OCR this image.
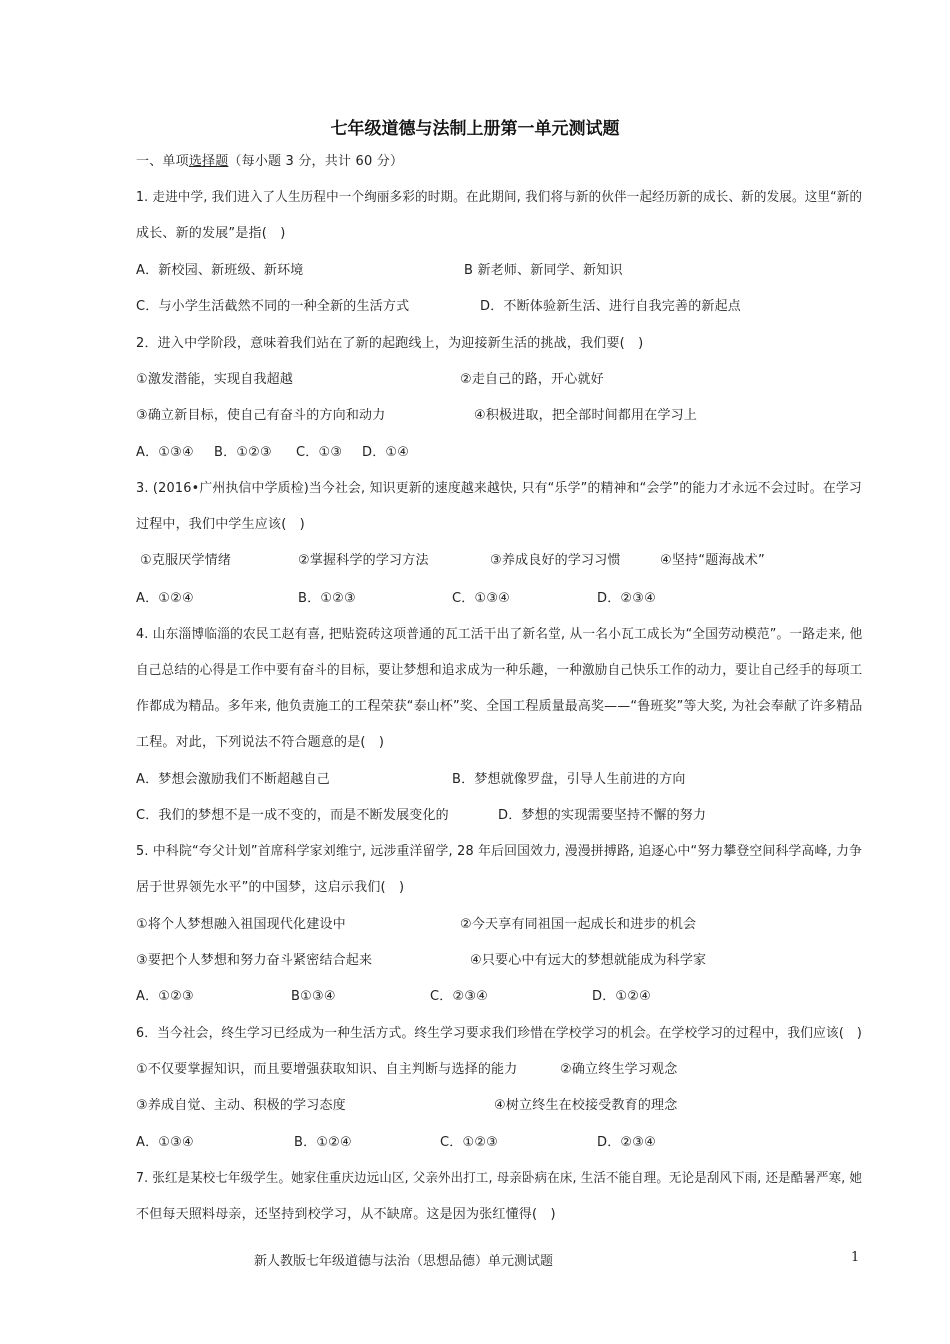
七年级道德与法制上册第一单元测试题
一、单项选择题（每小题 3 分，共计 60 分）
1. 走进中学, 我们进入了人生历程中一个绚丽多彩的时期。在此期间, 我们将与新的伙伴一起经历新的成长、新的发展。这里“新的
成长、新的发展”是指(　)
A．新校园、新班级、新环境	B 新老师、新同学、新知识
C．与小学生活截然不同的一种全新的生活方式	D．不断体验新生活、进行自我完善的新起点
2．进入中学阶段，意味着我们站在了新的起跑线上，为迎接新生活的挑战，我们要(　)
①激发潜能，实现自我超越	②走自己的路，开心就好
③确立新目标，使自己有奋斗的方向和动力	④积极进取，把全部时间都用在学习上
A．①③④ B．①②③ C．①③ D．①④
3. (2016•广州执信中学质检)当今社会, 知识更新的速度越来越快, 只有“乐学”的精神和“会学”的能力才永远不会过时。在学习
过程中，我们中学生应该(　)
①克服厌学情绪	②掌握科学的学习方法	③养成良好的学习习惯	④坚持“题海战术”
A．①②④	B．①②③	C．①③④	D．②③④
4. 山东淄博临淄的农民工赵有喜, 把贴瓷砖这项普通的瓦工活干出了新名堂, 从一名小瓦工成长为“全国劳动模范”。一路走来, 他
自己总结的心得是工作中要有奋斗的目标，要让梦想和追求成为一种乐趣，一种激励自己快乐工作的动力，要让自己经手的每项工
作都成为精品。多年来, 他负责施工的工程荣获“泰山杯”奖、全国工程质量最高奖——“鲁班奖”等大奖, 为社会奉献了许多精品
工程。对此，下列说法不符合题意的是(　)
A．梦想会激励我们不断超越自己	B．梦想就像罗盘，引导人生前进的方向
C．我们的梦想不是一成不变的，而是不断发展变化的	D．梦想的实现需要坚持不懈的努力
5. 中科院“夸父计划”首席科学家刘维宁, 远涉重洋留学, 28 年后回国效力, 漫漫拼搏路, 追逐心中“努力攀登空间科学高峰, 力争
居于世界领先水平”的中国梦，这启示我们(　)
①将个人梦想融入祖国现代化建设中	②今天享有同祖国一起成长和进步的机会
③要把个人梦想和努力奋斗紧密结合起来	④只要心中有远大的梦想就能成为科学家
A．①②③	B①③④	C．②③④	D．①②④
6．当今社会，终生学习已经成为一种生活方式。终生学习要求我们珍惜在学校学习的机会。在学校学习的过程中，我们应该(　)
①不仅要掌握知识，而且要增强获取知识、自主判断与选择的能力	②确立终生学习观念
③养成自觉、主动、积极的学习态度	④树立终生在校接受教育的理念
A．①③④	B．①②④	C．①②③	D．②③④
7. 张红是某校七年级学生。她家住重庆边远山区, 父亲外出打工, 母亲卧病在床, 生活不能自理。无论是刮风下雨, 还是酷暑严寒, 她
不但每天照料母亲，还坚持到校学习，从不缺席。这是因为张红懂得(　)
新人教版七年级道德与法治（思想品德）单元测试题	1
